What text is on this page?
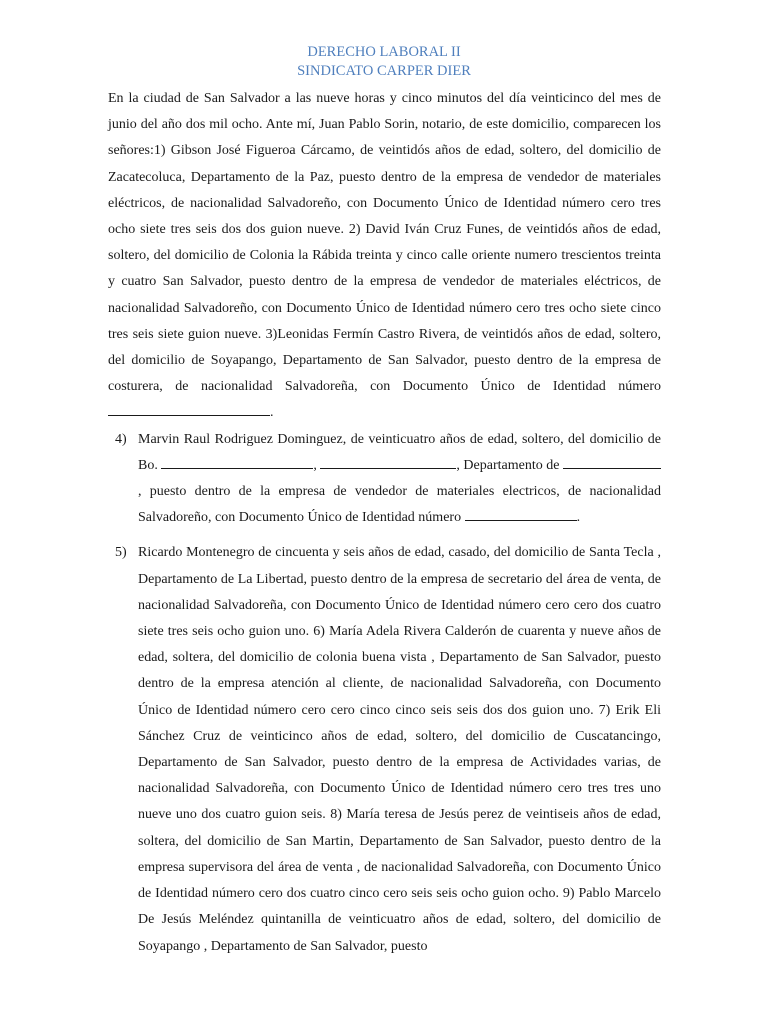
DERECHO LABORAL II

SINDICATO CARPER DIER

En la ciudad de San Salvador a las nueve horas y cinco minutos del día veinticinco del mes de junio del año dos mil ocho. Ante mí, Juan Pablo Sorin, notario, de este domicilio, comparecen los señores:1) Gibson José Figueroa Cárcamo, de veintidós años de edad, soltero, del domicilio de Zacatecoluca, Departamento de la Paz, puesto dentro de la empresa de vendedor de materiales eléctricos, de nacionalidad Salvadoreño, con Documento Único de Identidad número cero tres ocho siete tres seis dos dos guion nueve. 2) David Iván Cruz Funes, de veintidós años de edad, soltero, del domicilio de Colonia la Rábida treinta y cinco calle oriente numero trescientos treinta y cuatro San Salvador, puesto dentro de la empresa de vendedor de materiales eléctricos, de nacionalidad Salvadoreño, con Documento Único de Identidad número cero tres ocho siete cinco tres seis siete guion nueve. 3)Leonidas Fermín Castro Rivera, de veintidós años de edad, soltero, del domicilio de Soyapango, Departamento de San Salvador, puesto dentro de la empresa de costurera, de nacionalidad Salvadoreña, con Documento Único de Identidad número .

4) Marvin Raul Rodriguez Dominguez, de veinticuatro años de edad, soltero, del domicilio de Bo.	,	, Departamento de , puesto dentro de la empresa de vendedor de materiales electricos, de nacionalidad Salvadoreño, con Documento Único de Identidad número	.
5) Ricardo Montenegro de cincuenta y seis años de edad, casado, del domicilio de Santa Tecla , Departamento de La Libertad, puesto dentro de la empresa de secretario del área de venta, de nacionalidad Salvadoreña, con Documento Único de Identidad número cero cero dos cuatro siete tres seis ocho guion uno. 6) María Adela Rivera Calderón de cuarenta y nueve años de edad, soltera, del domicilio de colonia buena vista , Departamento de San Salvador, puesto dentro de la empresa atención al cliente, de nacionalidad Salvadoreña, con Documento Único de Identidad número cero cero cinco cinco seis seis dos dos guion uno. 7) Erik Eli Sánchez Cruz de veinticinco años de edad, soltero, del domicilio de Cuscatancingo, Departamento de San Salvador, puesto dentro de la empresa de Actividades varias, de nacionalidad Salvadoreña, con Documento Único de Identidad número cero tres tres uno nueve uno dos cuatro guion seis. 8) María teresa de Jesús perez de veintiseis años de edad, soltera, del domicilio de San Martin, Departamento de San Salvador, puesto dentro de la empresa supervisora del área de venta , de nacionalidad Salvadoreña, con Documento Único de Identidad número cero dos cuatro cinco cero seis seis ocho guion ocho. 9) Pablo Marcelo De Jesús Meléndez quintanilla de veinticuatro años de edad, soltero, del domicilio de Soyapango , Departamento de San Salvador, puesto
